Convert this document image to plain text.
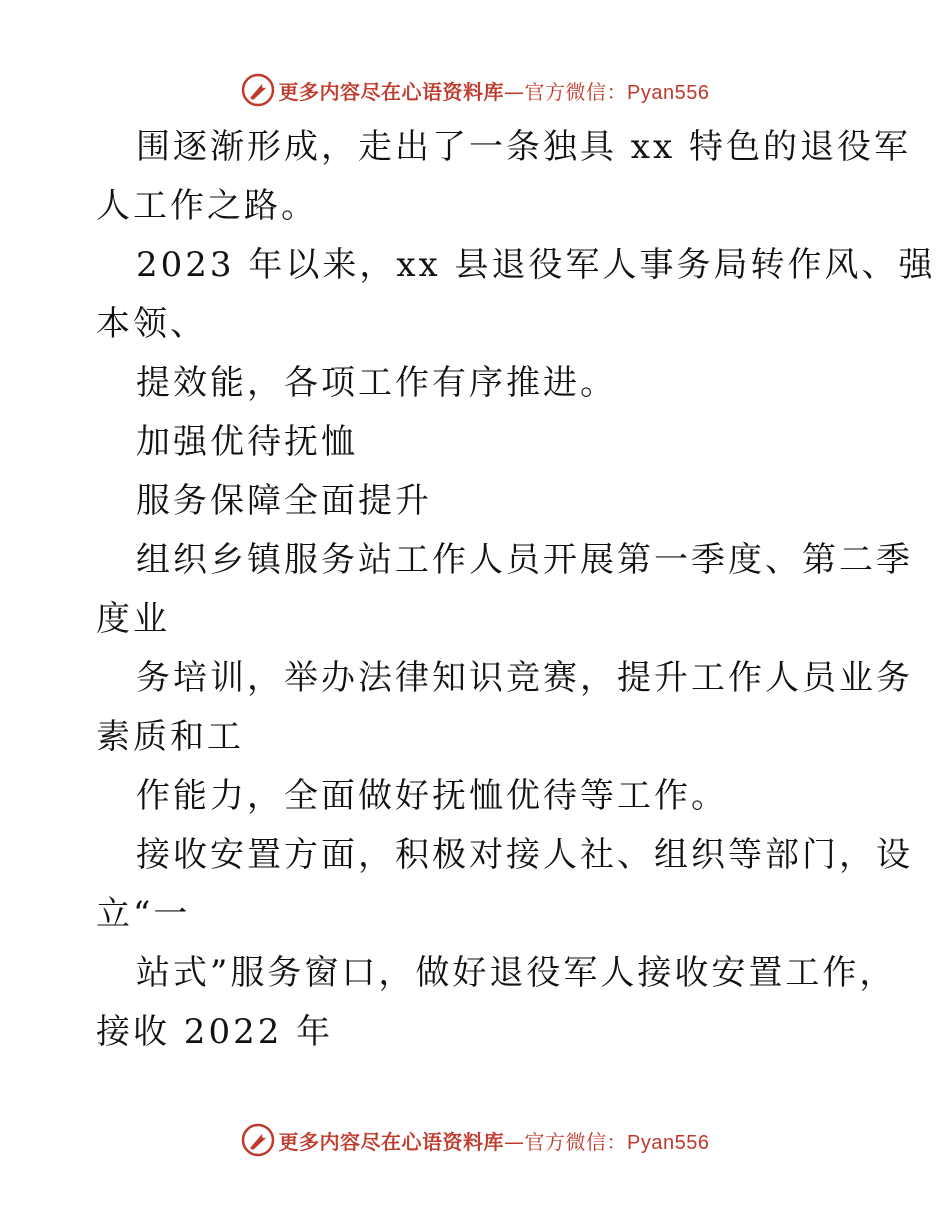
更多内容尽在心语资料库—官方微信：Pyan556
围逐渐形成，走出了一条独具 xx 特色的退役军
人工作之路。
2023 年以来，xx 县退役军人事务局转作风、强
本领、
提效能，各项工作有序推进。
加强优待抚恤
服务保障全面提升
组织乡镇服务站工作人员开展第一季度、第二季
度业
务培训，举办法律知识竞赛，提升工作人员业务
素质和工
作能力，全面做好抚恤优待等工作。
接收安置方面，积极对接人社、组织等部门，设
立“一
站式”服务窗口，做好退役军人接收安置工作，
接收 2022 年
更多内容尽在心语资料库—官方微信：Pyan556
